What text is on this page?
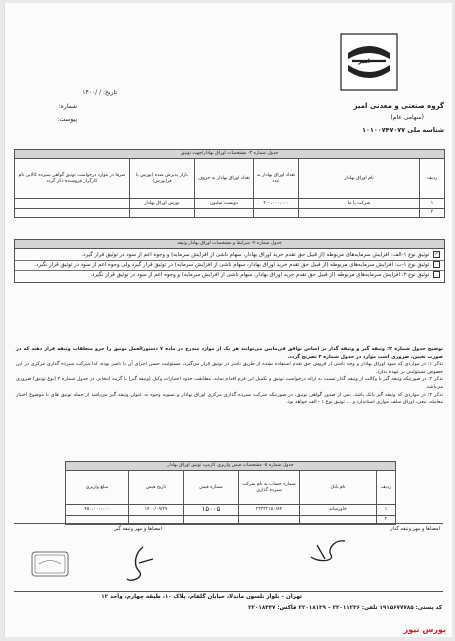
امیر
گروه صنعتی و معدنی امیر
(سهامی عام)
شناسه ملی ۱۰۱۰۰۷۴۷۰۷۷
تاریخ: / /۱۴۰۰
شماره:
پیوست:
جدول شماره ۳- مشخصات اوراق بهادار/جهت توثیق					
ردیف	نام اوراق بهادار	تعداد اوراق بهادار به عدد	تعداد اوراق بهادار به حروف	بازار پذیرش شده (بورس یا فرابورس)	صرفا در موارد درخواست توثیق گواهی سپرده کالایی نام کارگزار فروشنده ذکر گردد
۱	شرکت پا ما	۲۰۰،۰۰۰،۰۰۰	دویست میلیون	بورس اوراق بهادار	
۲					
جدول شماره ۴- شرایط و مشخصات اوراق بهادار وثیقه
✓ توثیق نوع ۱-الف: افزایش سرمایه‌های مربوطه (از قبیل حق تقدم خرید اوراق بهادار، سهام ناشی از افزایش سرمایه) و وجوه اعم از سود در توثیق قرار گیرد.
توثیق نوع ۱-ب: افزایش سرمایه‌های مربوطه (از قبیل حق تقدم خرید اوراق بهادار، سهام ناشی از افزایش سرمایه) در توثیق قرار گیرد ولی وجوه اعم از سود در توثیق قرار نگیرد.
توثیق نوع ۲: افزایش سرمایه‌های مربوطه (از قبیل حق تقدم خرید اوراق بهادار، سهام ناشی از افزایش سرمایه) و وجوه اعم از سود در توثیق قرار نگیرد.

توضیح جدول شماره ۴: وثیقه گیر و وثیقه گذار بر اساس توافق فی‌مابین می‌توانند هر یک از موارد مندرج در ماده ۷ دستورالعمل توثیق را جزو متعلقات وثیقه قرار دهند که در صورت تعیین، ضروری است موارد در جدول شماره ۴ تصریح گردد.

تذکر ۱: در مواردی که سود اوراق بهادار و وجه ناشی از فروش حق تقدم استفاده نشده از طریق ناشر در توثیق قرار می‌گیرد، مسئولیت حسن اجرای آن با ناشر بوده، لذا شرکت سپرده گذاری مرکزی در این خصوص مسئولیتی بر عهده ندارد.

تذکر ۲: در صورتیکه وثیقه گیر یا وکالت از وثیقه گذار نسبت به ارائه درخواست توثیق و تکمیل این فرم اقدام نماید، مطابقت حدود اختیارات وکیل (وثیقه گیر) با گزینه انتخابی در جدول شماره ۴ (نوع توثیق) ضروری می‌باشد.

تذکر ۳: در مواردی که وثیقه گیر بانک باشد، پس از صدور گواهی توثیق، در صورتیکه شرکت سپرده گذاری مرکزی اوراق بهادار و تسویه وجوه به عنوان وثیقه گیر می‌باشد از جمله توثیق های با موضوع اختیار معامله، تبعی، اوراق سلف موازی استاندارد و ... توثیق نوع ۱ - الف خواهد بود.

جدول شماره ۵- مشخصات فیش واریزی کارمزد توثیق اوراق بهادار					
ردیف	نام بانک	شماره حساب به نام شرکت سپرده گذاری	شماره فیش	تاریخ فیش	مبلغ واریزی
۱	خاورمیانه	۲۲۲۳۲۱۵۰/۸۴	۱۵۰۰۵	۱۴۰۰/۰۹/۲۷	۴۵۰،۰۰۰،۰۰۰
۲					
امضاها و مهر وثیقه گذار
امضاها و مهر وثیقه گیر
تهران – بلوار نلسون ماندلا، خیابان گلفام، پلاک ۱۰، طبقه چهارم، واحد ۱۲
کد پستی: ۱۹۱۵۶۷۷۷۸۵ تلفن: ۲۲۰۱۱۲۳۶ – ۲۲۰۱۸۱۳۹ فاکس: ۲۲۰۱۸۴۴۷
بورس نیوز
